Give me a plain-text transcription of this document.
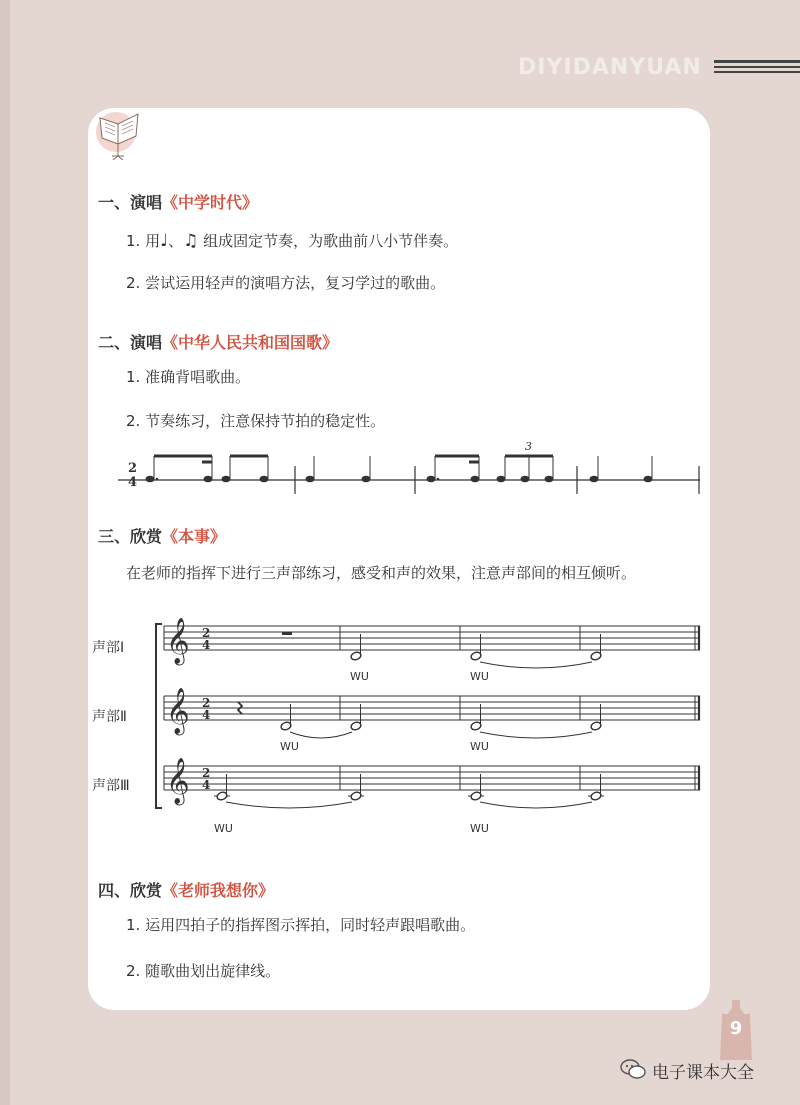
DIYIDANYUAN
一、演唱《中学时代》
1. 用♩、♫ 组成固定节奏，为歌曲前八小节伴奏。
2. 尝试运用轻声的演唱方法，复习学过的歌曲。
二、演唱《中华人民共和国国歌》
1. 准确背唱歌曲。
2. 节奏练习，注意保持节拍的稳定性。
2
4
3
三、欣赏《本事》
在老师的指挥下进行三声部练习，感受和声的效果，注意声部间的相互倾听。
声部Ⅰ
声部Ⅱ
声部Ⅲ
𝄞 2
4
𝄞 2
4
𝄞 2
4
WU	WU
WU	WU
WU	WU
四、欣赏《老师我想你》
1. 运用四拍子的指挥图示挥拍，同时轻声跟唱歌曲。
2. 随歌曲划出旋律线。
9
电子课本大全
